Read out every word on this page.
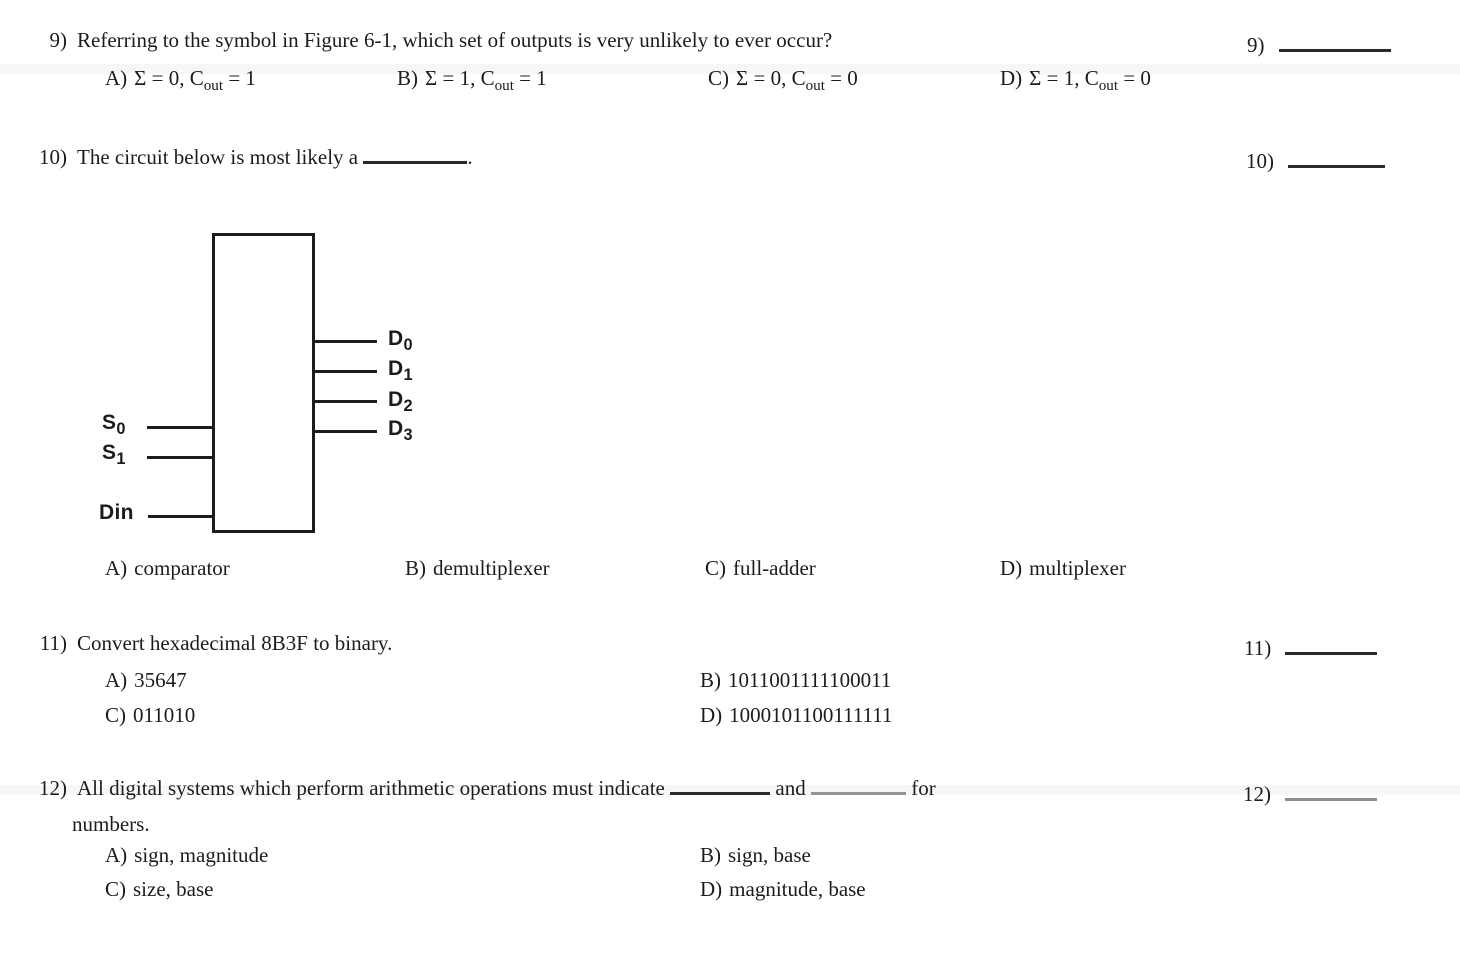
9) Referring to the symbol in Figure 6-1, which set of outputs is very unlikely to ever occur?
A) Σ = 0, $C_{out} = 1$	B) Σ = 1, $C_{out} = 1$	C) Σ = 0, $C_{out} = 0$	D) Σ = 1, $C_{out} = 0$
9)
10) The circuit below is most likely a	.	10)
$S_0$
$S_1$
Din
$D_0$
$D_1$
$D_2$
$D_3$
A) comparator	B) demultiplexer	C) full-adder	D) multiplexer
11) Convert hexadecimal 8B3F to binary.
A) 35647	B) 1011001111100011
C) 011010	D) 1000101100111111
11)
12) All digital systems which perform arithmetic operations must indicate	and	for
numbers.
A) sign, magnitude	B) sign, base
C) size, base	D) magnitude, base
12)
